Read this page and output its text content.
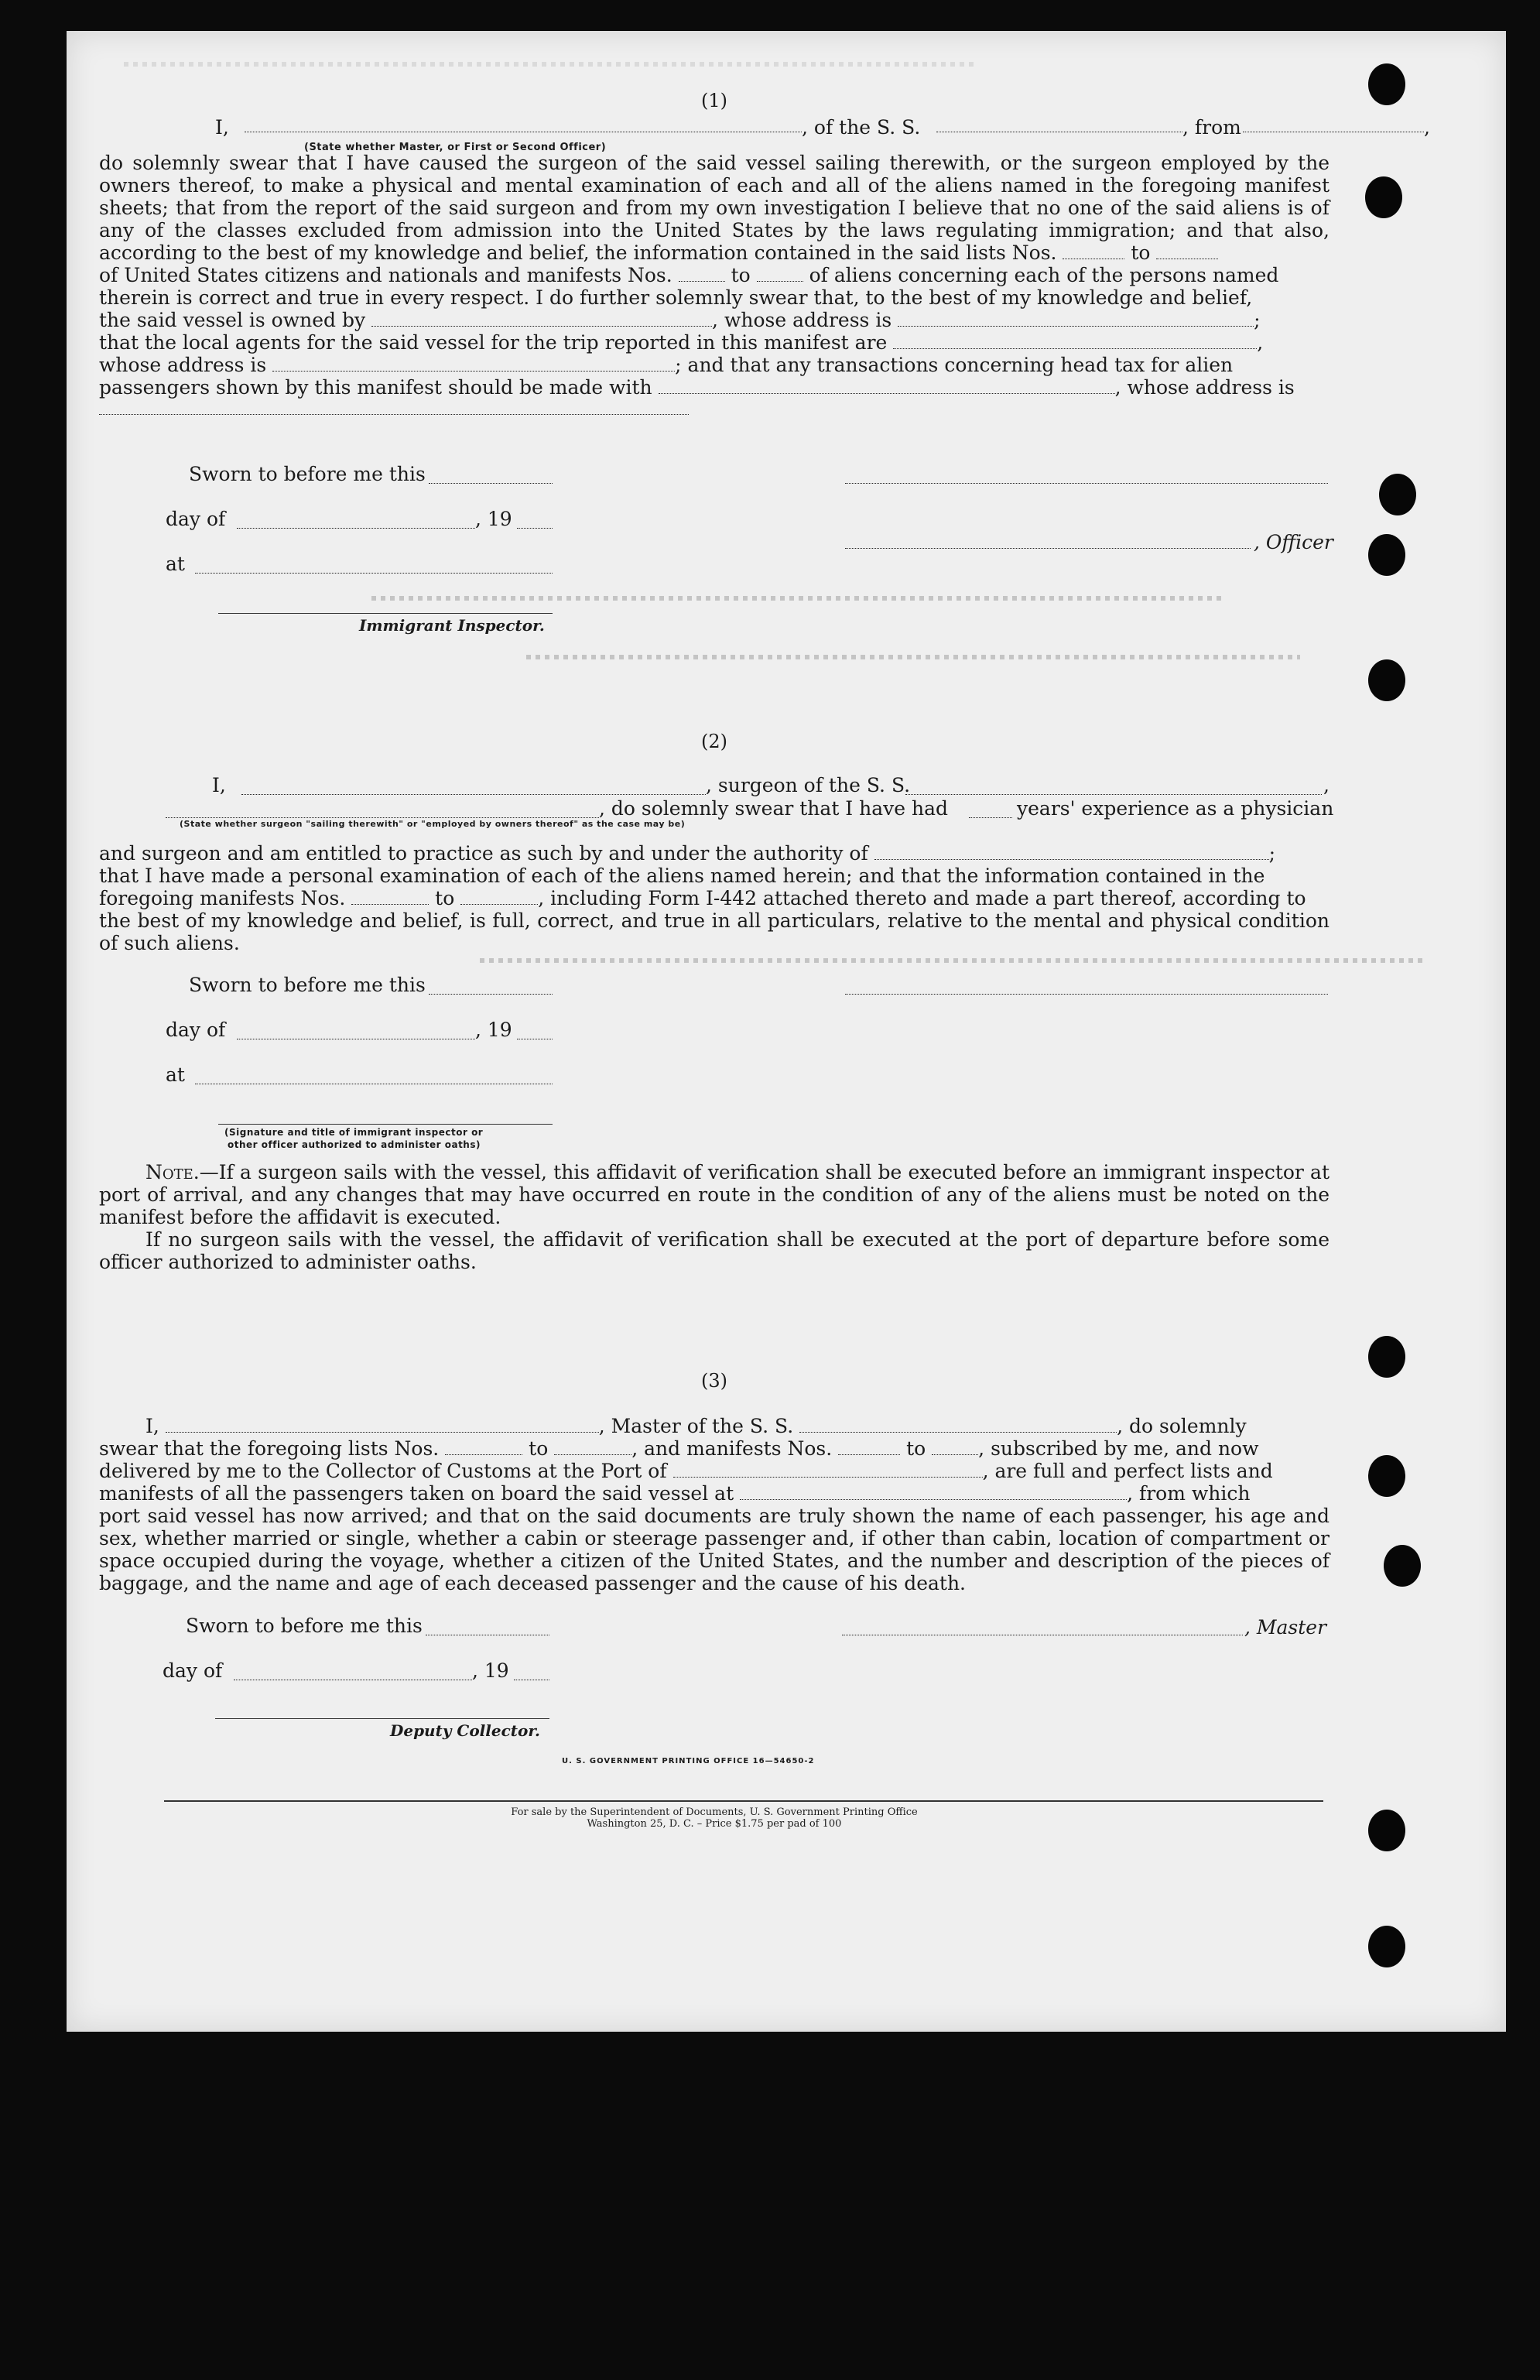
(1)
I,	, of the S. S.	, from	,
(State whether Master, or First or Second Officer)
do solemnly swear that I have caused the surgeon of the said vessel sailing therewith, or the surgeon employed by the owners thereof, to make a physical and mental examination of each and all of the aliens named in the foregoing manifest sheets; that from the report of the said surgeon and from my own investigation I believe that no one of the said aliens is of any of the classes excluded from admission into the United States by the laws regulating immigration; and that also, according to the best of my knowledge and belief, the information contained in the said lists Nos.	to
of United States citizens and nationals and manifests Nos.	to	of aliens concerning each of the persons named
therein is correct and true in every respect. I do further solemnly swear that, to the best of my knowledge and belief,
the said vessel is owned by	, whose address is	;
that the local agents for the said vessel for the trip reported in this manifest are	,
whose address is	; and that any transactions concerning head tax for alien
passengers shown by this manifest should be made with	, whose address is
Sworn to before me this
day of	, 19
, Officer
at
Immigrant Inspector.
(2)
I,	, surgeon of the S. S.	,
, do solemnly swear that I have had	years' experience as a physician
(State whether surgeon "sailing therewith" or "employed by owners thereof" as the case may be)
and surgeon and am entitled to practice as such by and under the authority of	;
that I have made a personal examination of each of the aliens named herein; and that the information contained in the
foregoing manifests Nos.	to	, including Form I-442 attached thereto and made a part thereof, according to
the best of my knowledge and belief, is full, correct, and true in all particulars, relative to the mental and physical condition of such aliens.
Sworn to before me this
day of	, 19
at
(Signature and title of immigrant inspector or
other officer authorized to administer oaths)
Note.—If a surgeon sails with the vessel, this affidavit of verification shall be executed before an immigrant inspector at port of arrival, and any changes that may have occurred en route in the condition of any of the aliens must be noted on the manifest before the affidavit is executed.
If no surgeon sails with the vessel, the affidavit of verification shall be executed at the port of departure before some officer authorized to administer oaths.
(3)
I,	, Master of the S. S.	, do solemnly
swear that the foregoing lists Nos.	to	, and manifests Nos.	to	, subscribed by me, and now
delivered by me to the Collector of Customs at the Port of	, are full and perfect lists and
manifests of all the passengers taken on board the said vessel at	, from which
port said vessel has now arrived; and that on the said documents are truly shown the name of each passenger, his age and sex, whether married or single, whether a cabin or steerage passenger and, if other than cabin, location of compartment or space occupied during the voyage, whether a citizen of the United States, and the number and description of the pieces of baggage, and the name and age of each deceased passenger and the cause of his death.
Sworn to before me this	, Master
day of	, 19
Deputy Collector.
U. S. GOVERNMENT PRINTING OFFICE 16—54650-2
For sale by the Superintendent of Documents, U. S. Government Printing Office
Washington 25, D. C. – Price $1.75 per pad of 100
